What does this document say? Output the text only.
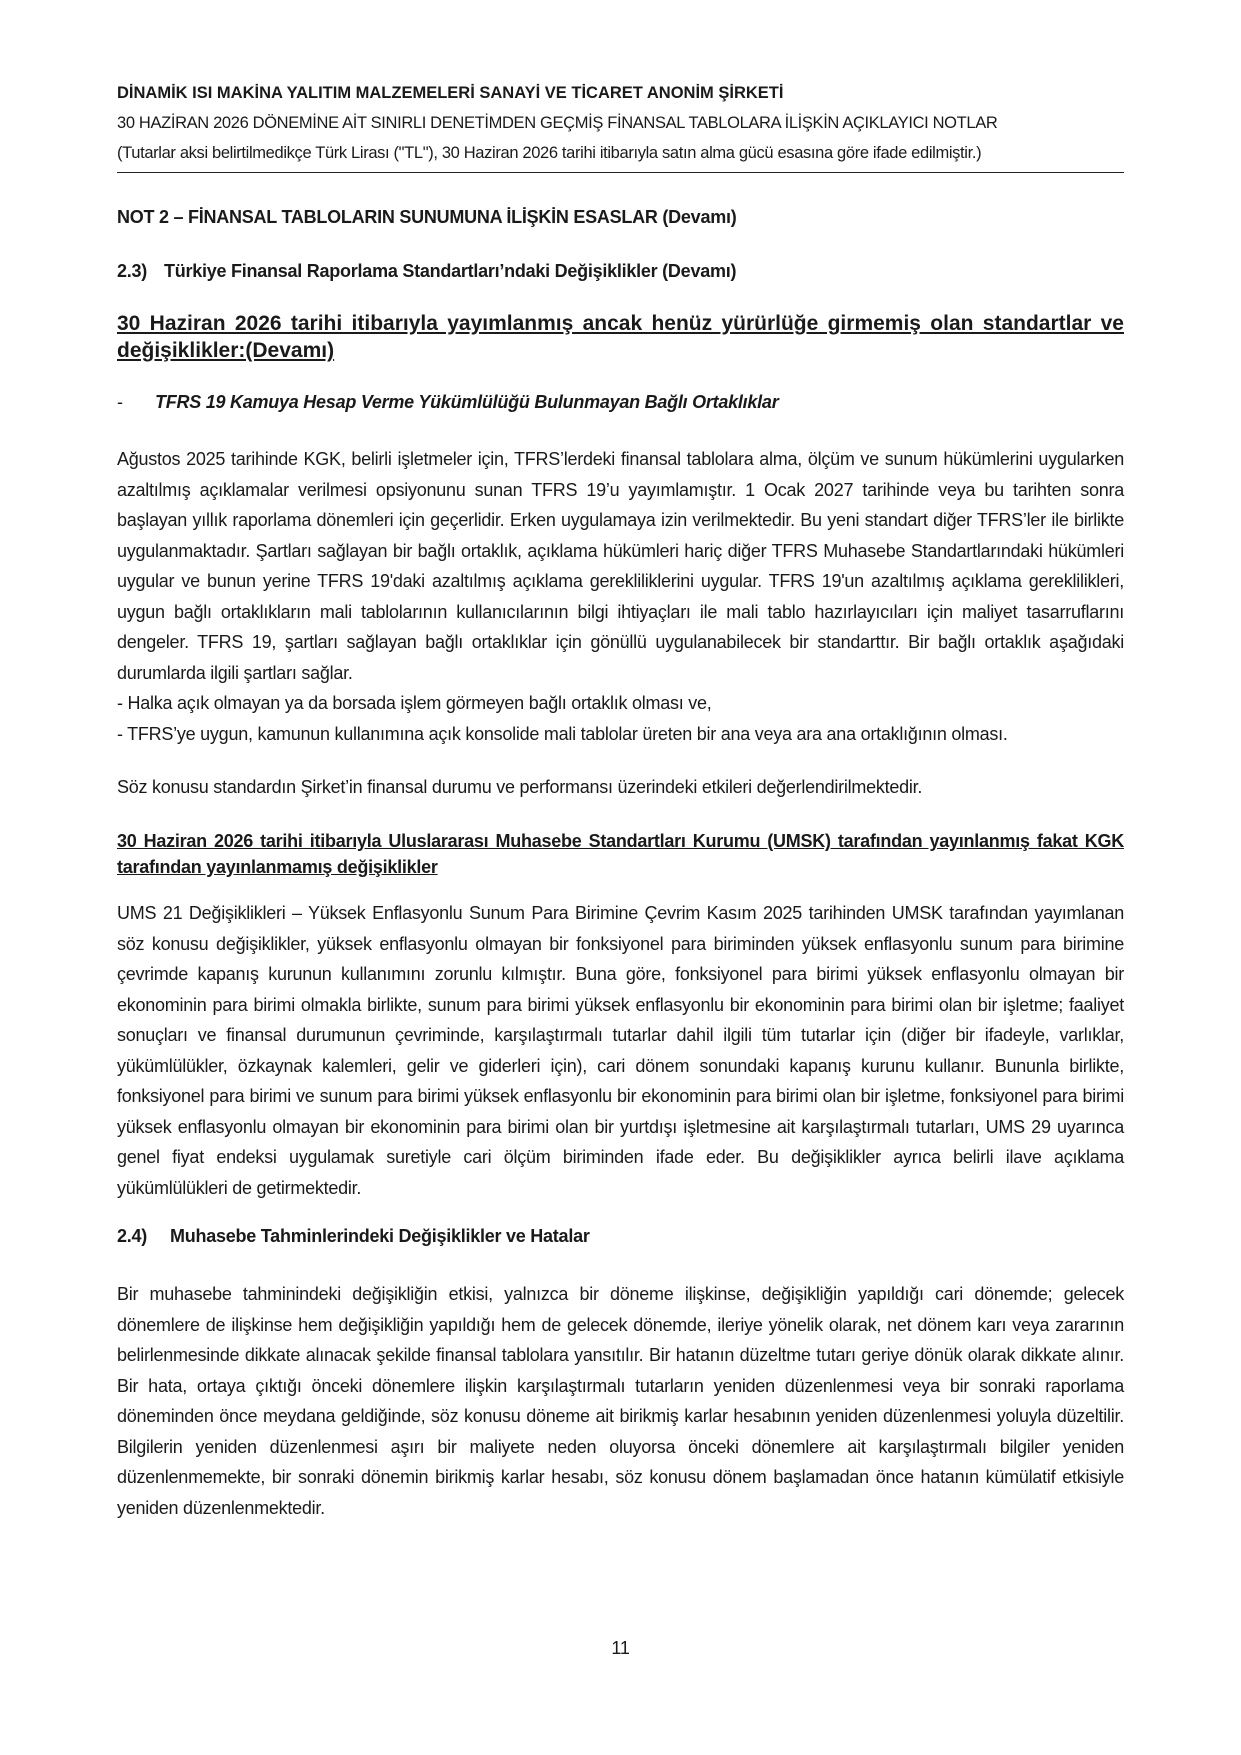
DİNAMİK ISI MAKİNA YALITIM MALZEMELERİ SANAYİ VE TİCARET ANONİM ŞİRKETİ
30 HAZİRAN 2026 DÖNEMİNE AİT SINIRLI DENETİMDEN GEÇMİŞ FİNANSAL TABLOLARA İLİŞKİN AÇIKLAYICI NOTLAR
(Tutarlar aksi belirtilmedikçe Türk Lirası ("TL"), 30 Haziran 2026 tarihi itibarıyla satın alma gücü esasına göre ifade edilmiştir.)
NOT 2 – FİNANSAL TABLOLARIN SUNUMUNA İLİŞKİN ESASLAR (Devamı)
2.3) Türkiye Finansal Raporlama Standartları’ndaki Değişiklikler (Devamı)
30 Haziran 2026 tarihi itibarıyla yayımlanmış ancak henüz yürürlüğe girmemiş olan standartlar ve değişiklikler:(Devamı)
- TFRS 19 Kamuya Hesap Verme Yükümlülüğü Bulunmayan Bağlı Ortaklıklar

Ağustos 2025 tarihinde KGK, belirli işletmeler için, TFRS’lerdeki finansal tablolara alma, ölçüm ve sunum hükümlerini uygularken azaltılmış açıklamalar verilmesi opsiyonunu sunan TFRS 19’u yayımlamıştır. 1 Ocak 2027 tarihinde veya bu tarihten sonra başlayan yıllık raporlama dönemleri için geçerlidir. Erken uygulamaya izin verilmektedir. Bu yeni standart diğer TFRS’ler ile birlikte uygulanmaktadır. Şartları sağlayan bir bağlı ortaklık, açıklama hükümleri hariç diğer TFRS Muhasebe Standartlarındaki hükümleri uygular ve bunun yerine TFRS 19'daki azaltılmış açıklama gerekliliklerini uygular. TFRS 19'un azaltılmış açıklama gereklilikleri, uygun bağlı ortaklıkların mali tablolarının kullanıcılarının bilgi ihtiyaçları ile mali tablo hazırlayıcıları için maliyet tasarruflarını dengeler. TFRS 19, şartları sağlayan bağlı ortaklıklar için gönüllü uygulanabilecek bir standarttır. Bir bağlı ortaklık aşağıdaki durumlarda ilgili şartları sağlar.

- Halka açık olmayan ya da borsada işlem görmeyen bağlı ortaklık olması ve,

- TFRS’ye uygun, kamunun kullanımına açık konsolide mali tablolar üreten bir ana veya ara ana ortaklığının olması.

Söz konusu standardın Şirket’in finansal durumu ve performansı üzerindeki etkileri değerlendirilmektedir.

30 Haziran 2026 tarihi itibarıyla Uluslararası Muhasebe Standartları Kurumu (UMSK) tarafından yayınlanmış fakat KGK tarafından yayınlanmamış değişiklikler

UMS 21 Değişiklikleri – Yüksek Enflasyonlu Sunum Para Birimine Çevrim Kasım 2025 tarihinden UMSK tarafından yayımlanan söz konusu değişiklikler, yüksek enflasyonlu olmayan bir fonksiyonel para biriminden yüksek enflasyonlu sunum para birimine çevrimde kapanış kurunun kullanımını zorunlu kılmıştır. Buna göre, fonksiyonel para birimi yüksek enflasyonlu olmayan bir ekonominin para birimi olmakla birlikte, sunum para birimi yüksek enflasyonlu bir ekonominin para birimi olan bir işletme; faaliyet sonuçları ve finansal durumunun çevriminde, karşılaştırmalı tutarlar dahil ilgili tüm tutarlar için (diğer bir ifadeyle, varlıklar, yükümlülükler, özkaynak kalemleri, gelir ve giderleri için), cari dönem sonundaki kapanış kurunu kullanır. Bununla birlikte, fonksiyonel para birimi ve sunum para birimi yüksek enflasyonlu bir ekonominin para birimi olan bir işletme, fonksiyonel para birimi yüksek enflasyonlu olmayan bir ekonominin para birimi olan bir yurtdışı işletmesine ait karşılaştırmalı tutarları, UMS 29 uyarınca genel fiyat endeksi uygulamak suretiyle cari ölçüm biriminden ifade eder. Bu değişiklikler ayrıca belirli ilave açıklama yükümlülükleri de getirmektedir.

2.4) Muhasebe Tahminlerindeki Değişiklikler ve Hatalar

Bir muhasebe tahminindeki değişikliğin etkisi, yalnızca bir döneme ilişkinse, değişikliğin yapıldığı cari dönemde; gelecek dönemlere de ilişkinse hem değişikliğin yapıldığı hem de gelecek dönemde, ileriye yönelik olarak, net dönem karı veya zararının belirlenmesinde dikkate alınacak şekilde finansal tablolara yansıtılır. Bir hatanın düzeltme tutarı geriye dönük olarak dikkate alınır. Bir hata, ortaya çıktığı önceki dönemlere ilişkin karşılaştırmalı tutarların yeniden düzenlenmesi veya bir sonraki raporlama döneminden önce meydana geldiğinde, söz konusu döneme ait birikmiş karlar hesabının yeniden düzenlenmesi yoluyla düzeltilir. Bilgilerin yeniden düzenlenmesi aşırı bir maliyete neden oluyorsa önceki dönemlere ait karşılaştırmalı bilgiler yeniden düzenlenmemekte, bir sonraki dönemin birikmiş karlar hesabı, söz konusu dönem başlamadan önce hatanın kümülatif etkisiyle yeniden düzenlenmektedir.

11
